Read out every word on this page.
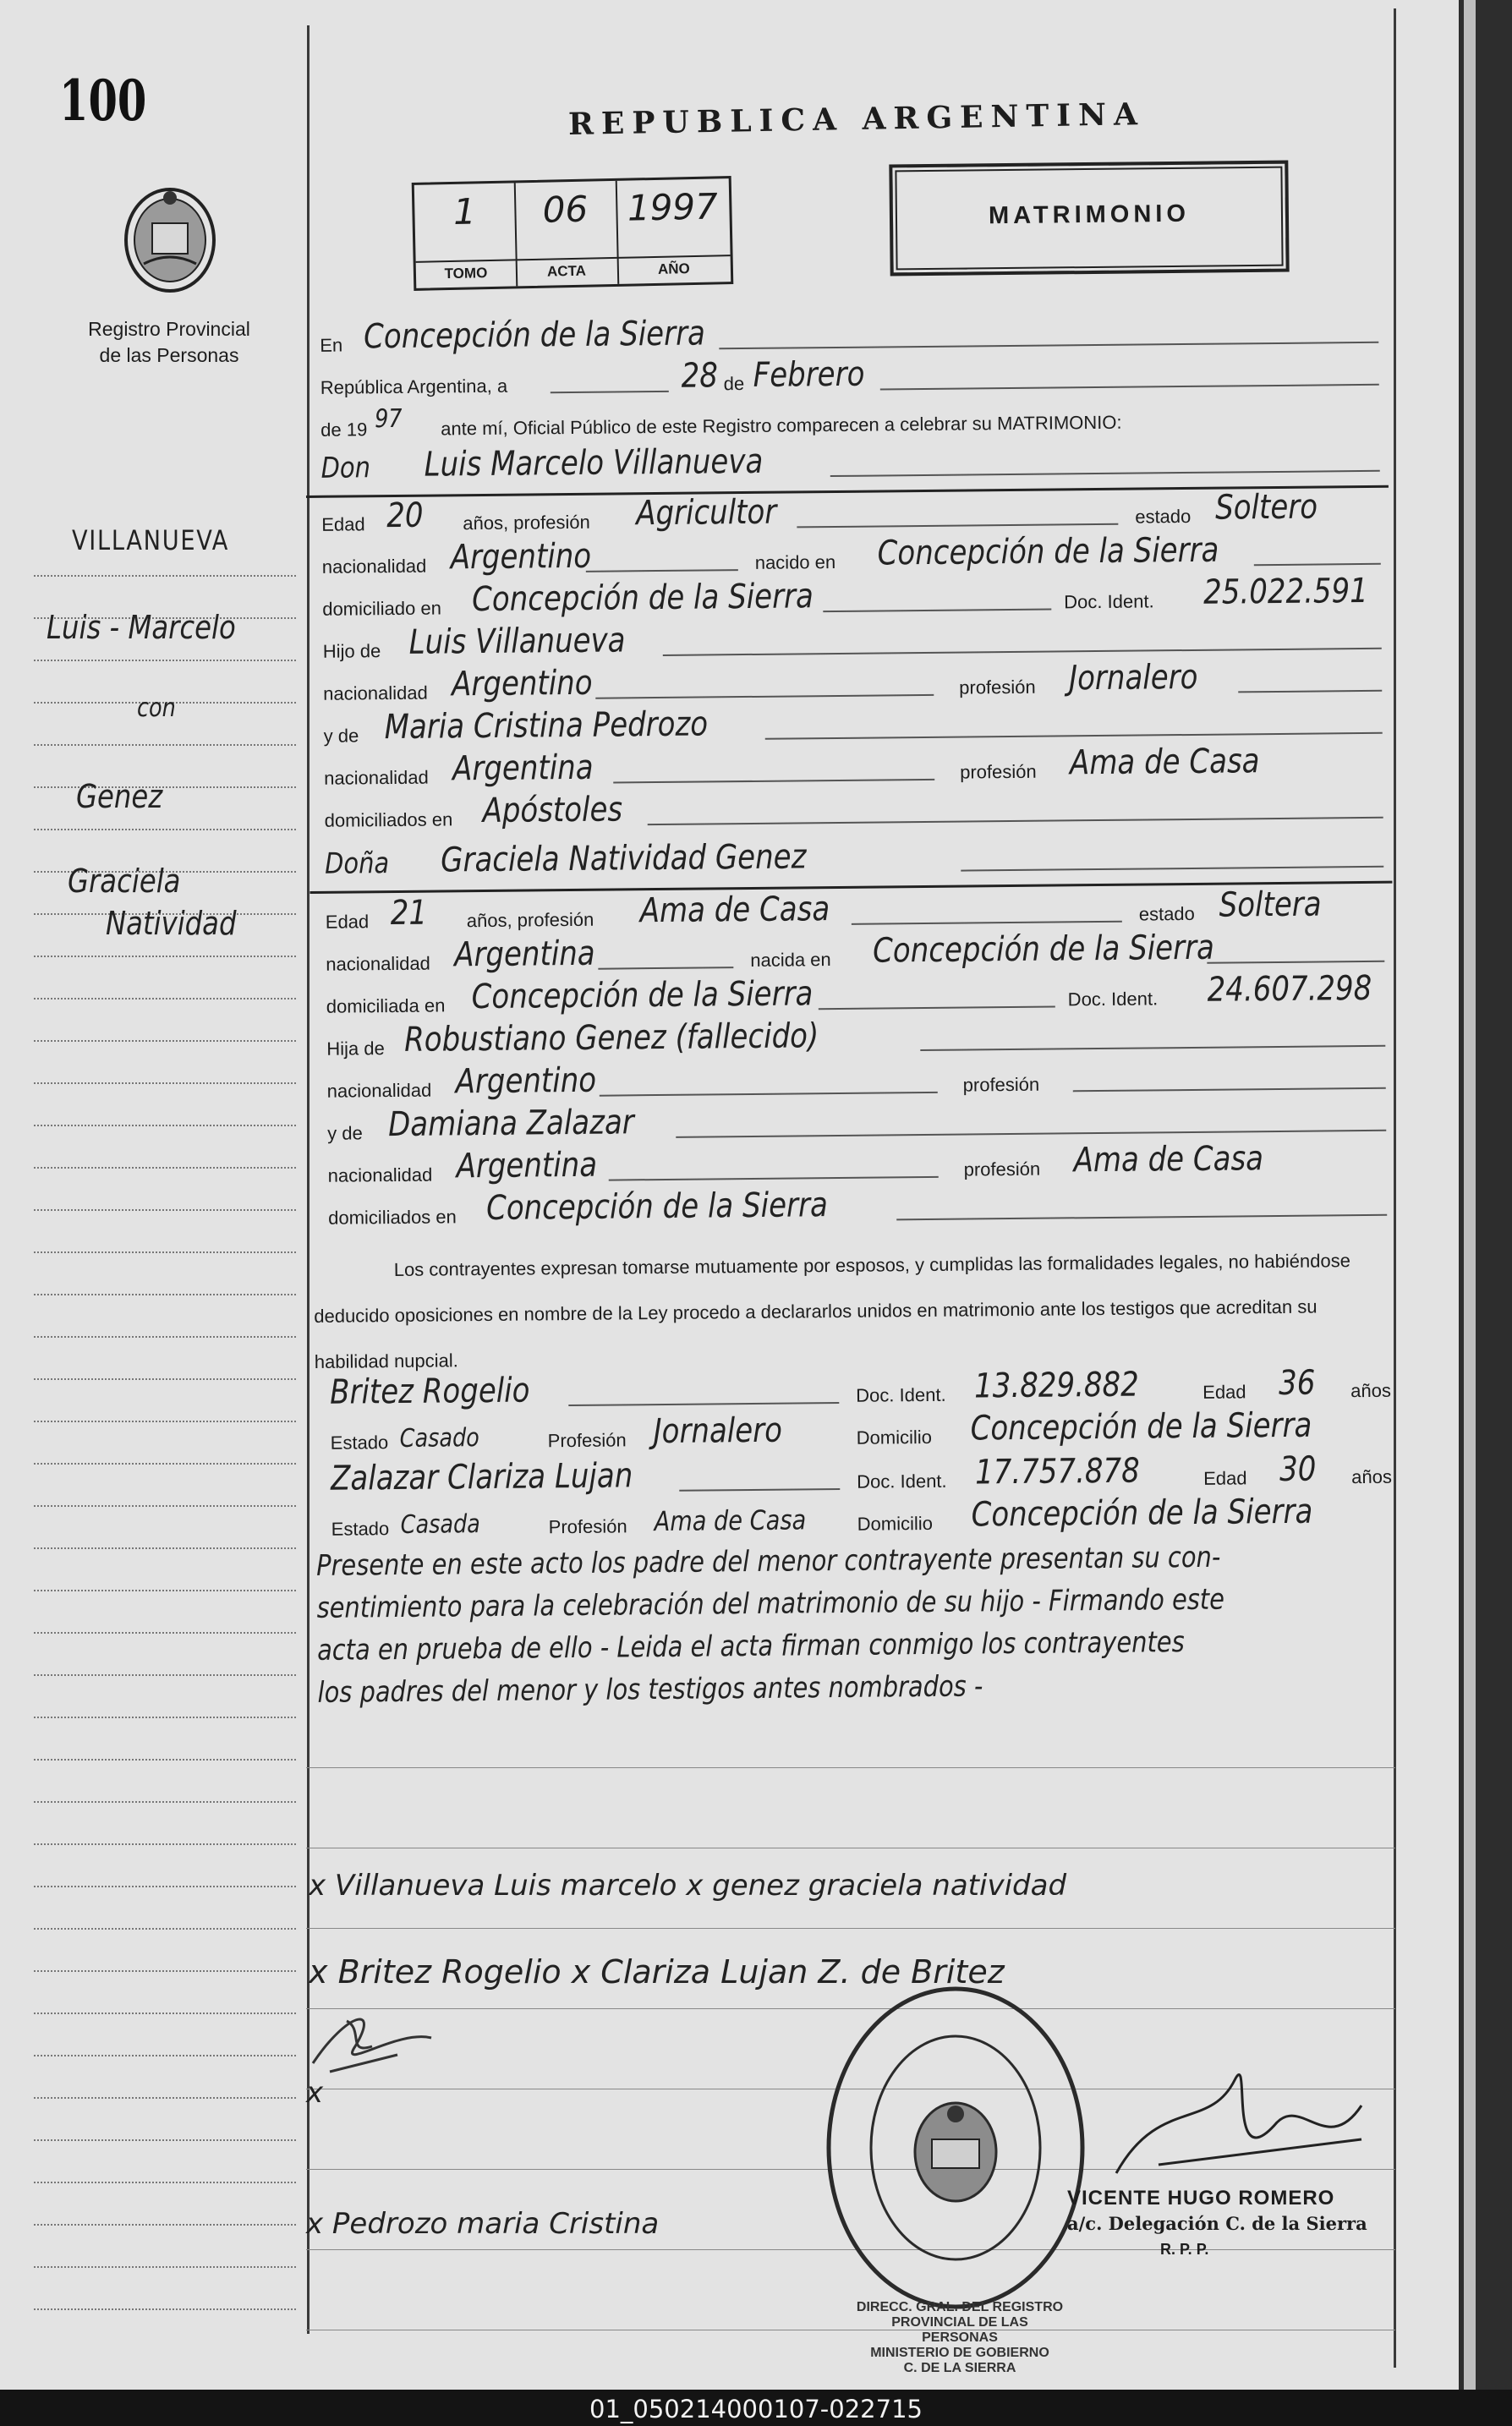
100
Registro Provincial
de las Personas
REPUBLICA ARGENTINA
1
TOMO
06
ACTA
1997
AÑO
MATRIMONIO
En Concepción de la Sierra
República Argentina, a	28 de Febrero
de 19 97 ante mí, Oficial Público de este Registro comparecen a celebrar su MATRIMONIO:
Don Luis Marcelo Villanueva
Edad 20 años, profesión Agricultor	estado Soltero
nacionalidad Argentino	nacido en Concepción de la Sierra
domiciliado en Concepción de la Sierra	Doc. Ident. 25.022.591
Hijo de Luis Villanueva
nacionalidad Argentino	profesión Jornalero
y de Maria Cristina Pedrozo
nacionalidad Argentina	profesión Ama de Casa
domiciliados en Apóstoles
Doña Graciela Natividad Genez
Edad 21 años, profesión Ama de Casa	estado Soltera
nacionalidad Argentina	nacida en Concepción de la Sierra
domiciliada en Concepción de la Sierra	Doc. Ident. 24.607.298
Hija de Robustiano Genez (fallecido)
nacionalidad Argentino	profesión
y de Damiana Zalazar
nacionalidad Argentina	profesión Ama de Casa
domiciliados en Concepción de la Sierra
Los contrayentes expresan tomarse mutuamente por esposos, y cumplidas las formalidades legales, no habiéndose deducido oposiciones en nombre de la Ley procedo a declararlos unidos en matrimonio ante los testigos que acreditan su habilidad nupcial.
Britez Rogelio	Doc. Ident. 13.829.882	Edad 36 años
Estado Casado	Profesión Jornalero	Domicilio Concepción de la Sierra
Zalazar Clariza Lujan	Doc. Ident. 17.757.878	Edad 30 años
Estado Casada	Profesión Ama de Casa	Domicilio Concepción de la Sierra
Presente en este acto los padre del menor contrayente presentan su con-
sentimiento para la celebración del matrimonio de su hijo - Firmando este
acta en prueba de ello - Leida el acta firman conmigo los contrayentes
los padres del menor y los testigos antes nombrados -
x Villanueva Luis marcelo x genez graciela natividad
x Britez Rogelio x Clariza Lujan Z. de Britez
x
x Pedrozo maria Cristina
DIRECC. GRAL. DEL REGISTRO PROVINCIAL DE LAS PERSONAS
MINISTERIO DE GOBIERNO
C. DE LA SIERRA
VICENTE HUGO ROMERO
a/c. Delegación C. de la Sierra
R. P. P.
VILLANUEVA
Luis - Marcelo
con
Genez
Graciela
Natividad
01_050214000107-022715
